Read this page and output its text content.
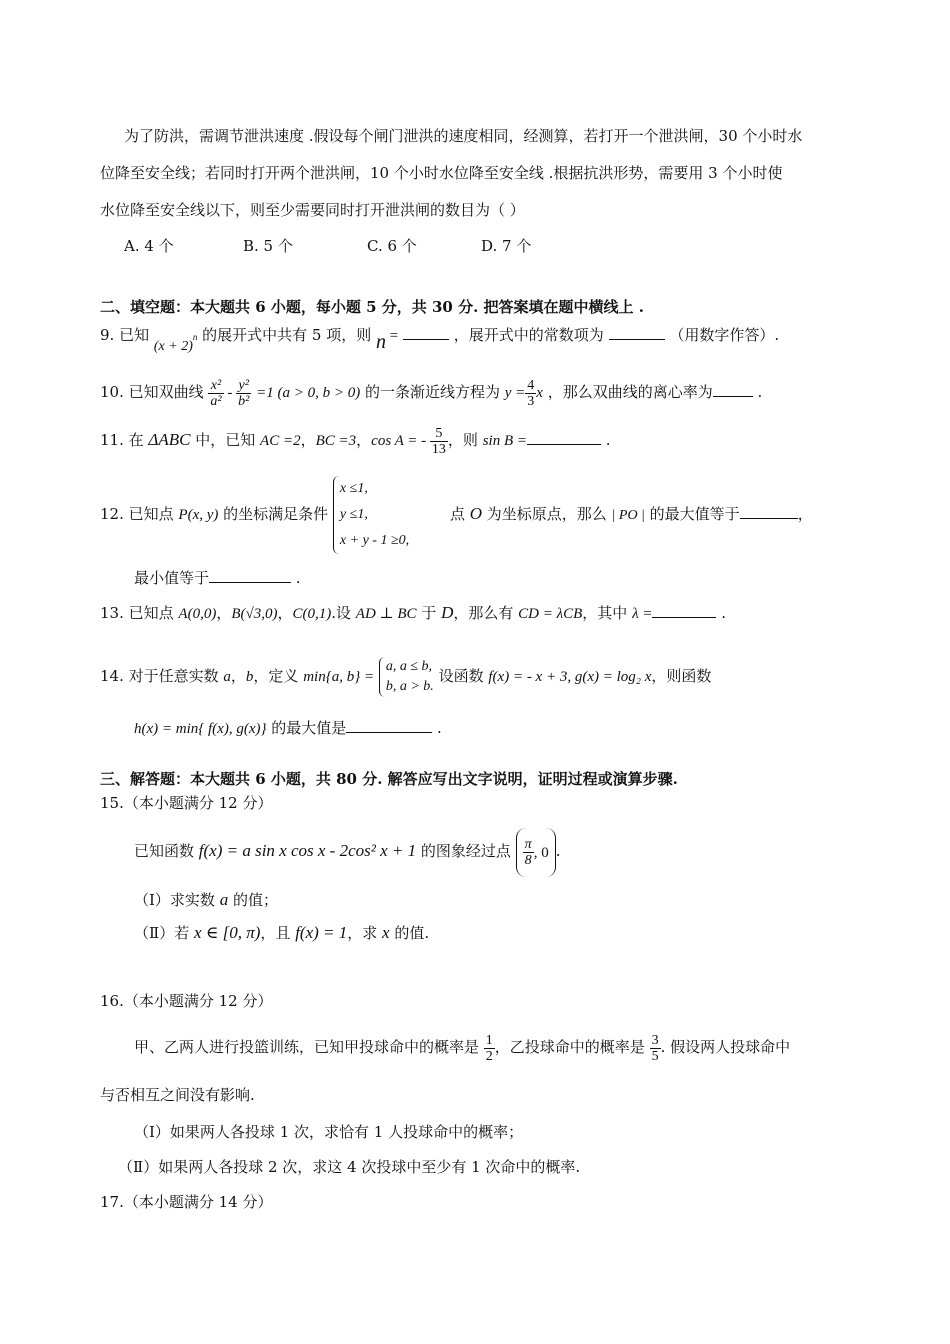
为了防洪，需调节泄洪速度 .假设每个闸门泄洪的速度相同，经测算，若打开一个泄洪闸，30 个小时水
位降至安全线；若同时打开两个泄洪闸，10 个小时水位降至安全线 .根据抗洪形势，需要用 3 个小时使
水位降至安全线以下，则至少需要同时打开泄洪闸的数目为（ ）
A. 4 个	B. 5 个	C. 6 个	D. 7 个
二、填空题：本大题共 6 小题，每小题 5 分，共 30 分. 把答案填在题中横线上 .
9. 已知 $(x + 2)^n$ 的展开式中共有 5 项，则 n =	，展开式中的常数项为	（用数字作答）.
10. 已知双曲线 $\frac{\text{x²}}{\text{a²}} - \frac{\text{y²}}{\text{b²}} =1$ (a > 0, b > 0) 的一条渐近线方程为 $y = \frac{4}{3}$ x ，那么双曲线的离心率为	.
11. 在 ΔABC 中，已知 AC =2，BC =3，cos A = - $\frac{5}{13}$ ，则 sin B =	.
12. 已知点 P(x, y) 的坐标满足条件
x ≤1,
y ≤1,
x + y - 1 ≥0,
点 O 为坐标原点，那么 | PO | 的最大值等于	，
最小值等于	.
13. 已知点 A(0,0)，B(√3,0)，C(0,1).设 AD ⊥ BC 于 D，那么有 CD = λCB，其中 λ =	.
14. 对于任意实数 a，b，定义 min{a, b} =
a, a ≤ b,
b, a > b.
设函数 f(x) = - x + 3, g(x) = log₂ x，则函数
h(x) = min{ f(x), g(x)} 的最大值是	.
三、解答题：本大题共 6 小题，共 80 分. 解答应写出文字说明，证明过程或演算步骤.
15.（本小题满分 12 分）
已知函数 f(x) = a sin x cos x - 2cos² x + 1 的图象经过点 $\frac{\pi}{8}$ , 0 .
（Ⅰ）求实数 a 的值；
（Ⅱ）若 x ∈ [0, π)，且 f(x) = 1，求 x 的值.
16.（本小题满分 12 分）
甲、乙两人进行投篮训练，已知甲投球命中的概率是 $\frac{1}{2}$ ，乙投球命中的概率是 $\frac{3}{5}$ . 假设两人投球命中
与否相互之间没有影响.
（Ⅰ）如果两人各投球 1 次，求恰有 1 人投球命中的概率；
（Ⅱ）如果两人各投球 2 次，求这 4 次投球中至少有 1 次命中的概率.
17.（本小题满分 14 分）
